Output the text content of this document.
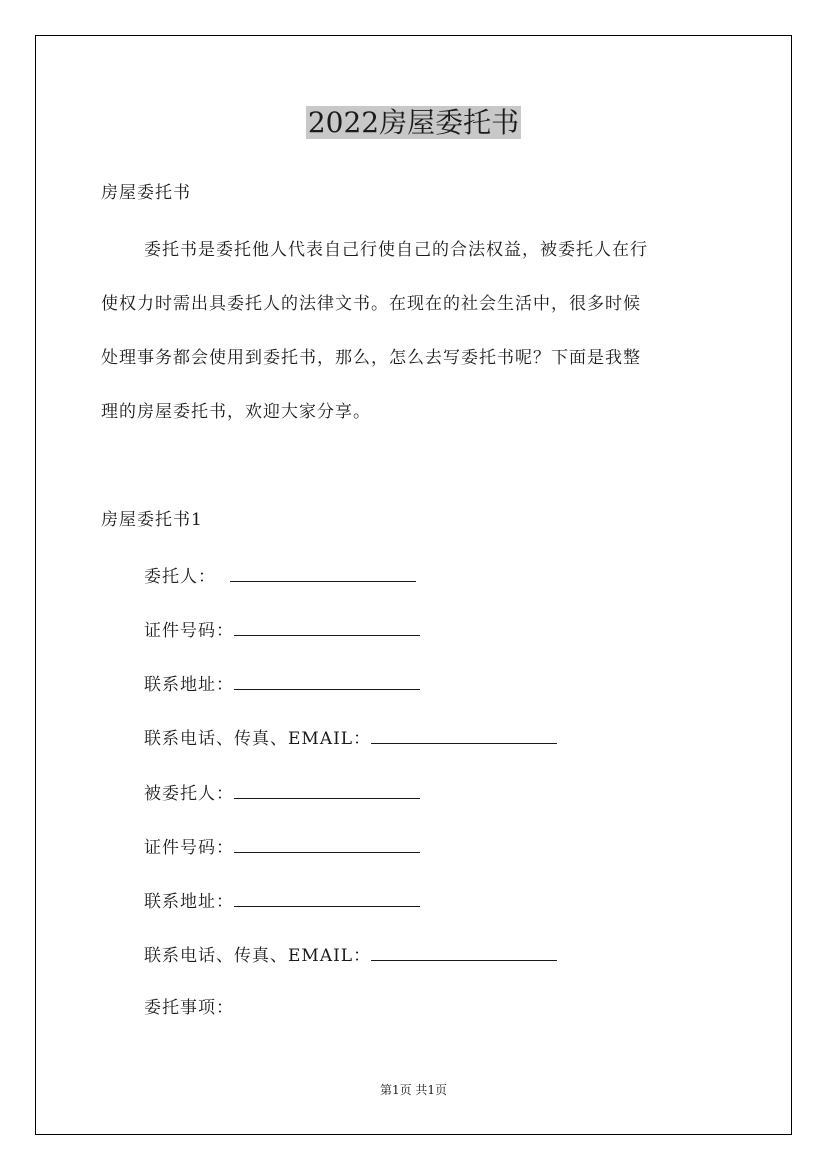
2022房屋委托书
房屋委托书
委托书是委托他人代表自己行使自己的合法权益，被委托人在行
使权力时需出具委托人的法律文书。在现在的社会生活中，很多时候
处理事务都会使用到委托书，那么，怎么去写委托书呢？下面是我整
理的房屋委托书，欢迎大家分享。
房屋委托书1
委托人：
证件号码：
联系地址：
联系电话、传真、EMAIL：
被委托人：
证件号码：
联系地址：
联系电话、传真、EMAIL：
委托事项：
第1页 共1页
